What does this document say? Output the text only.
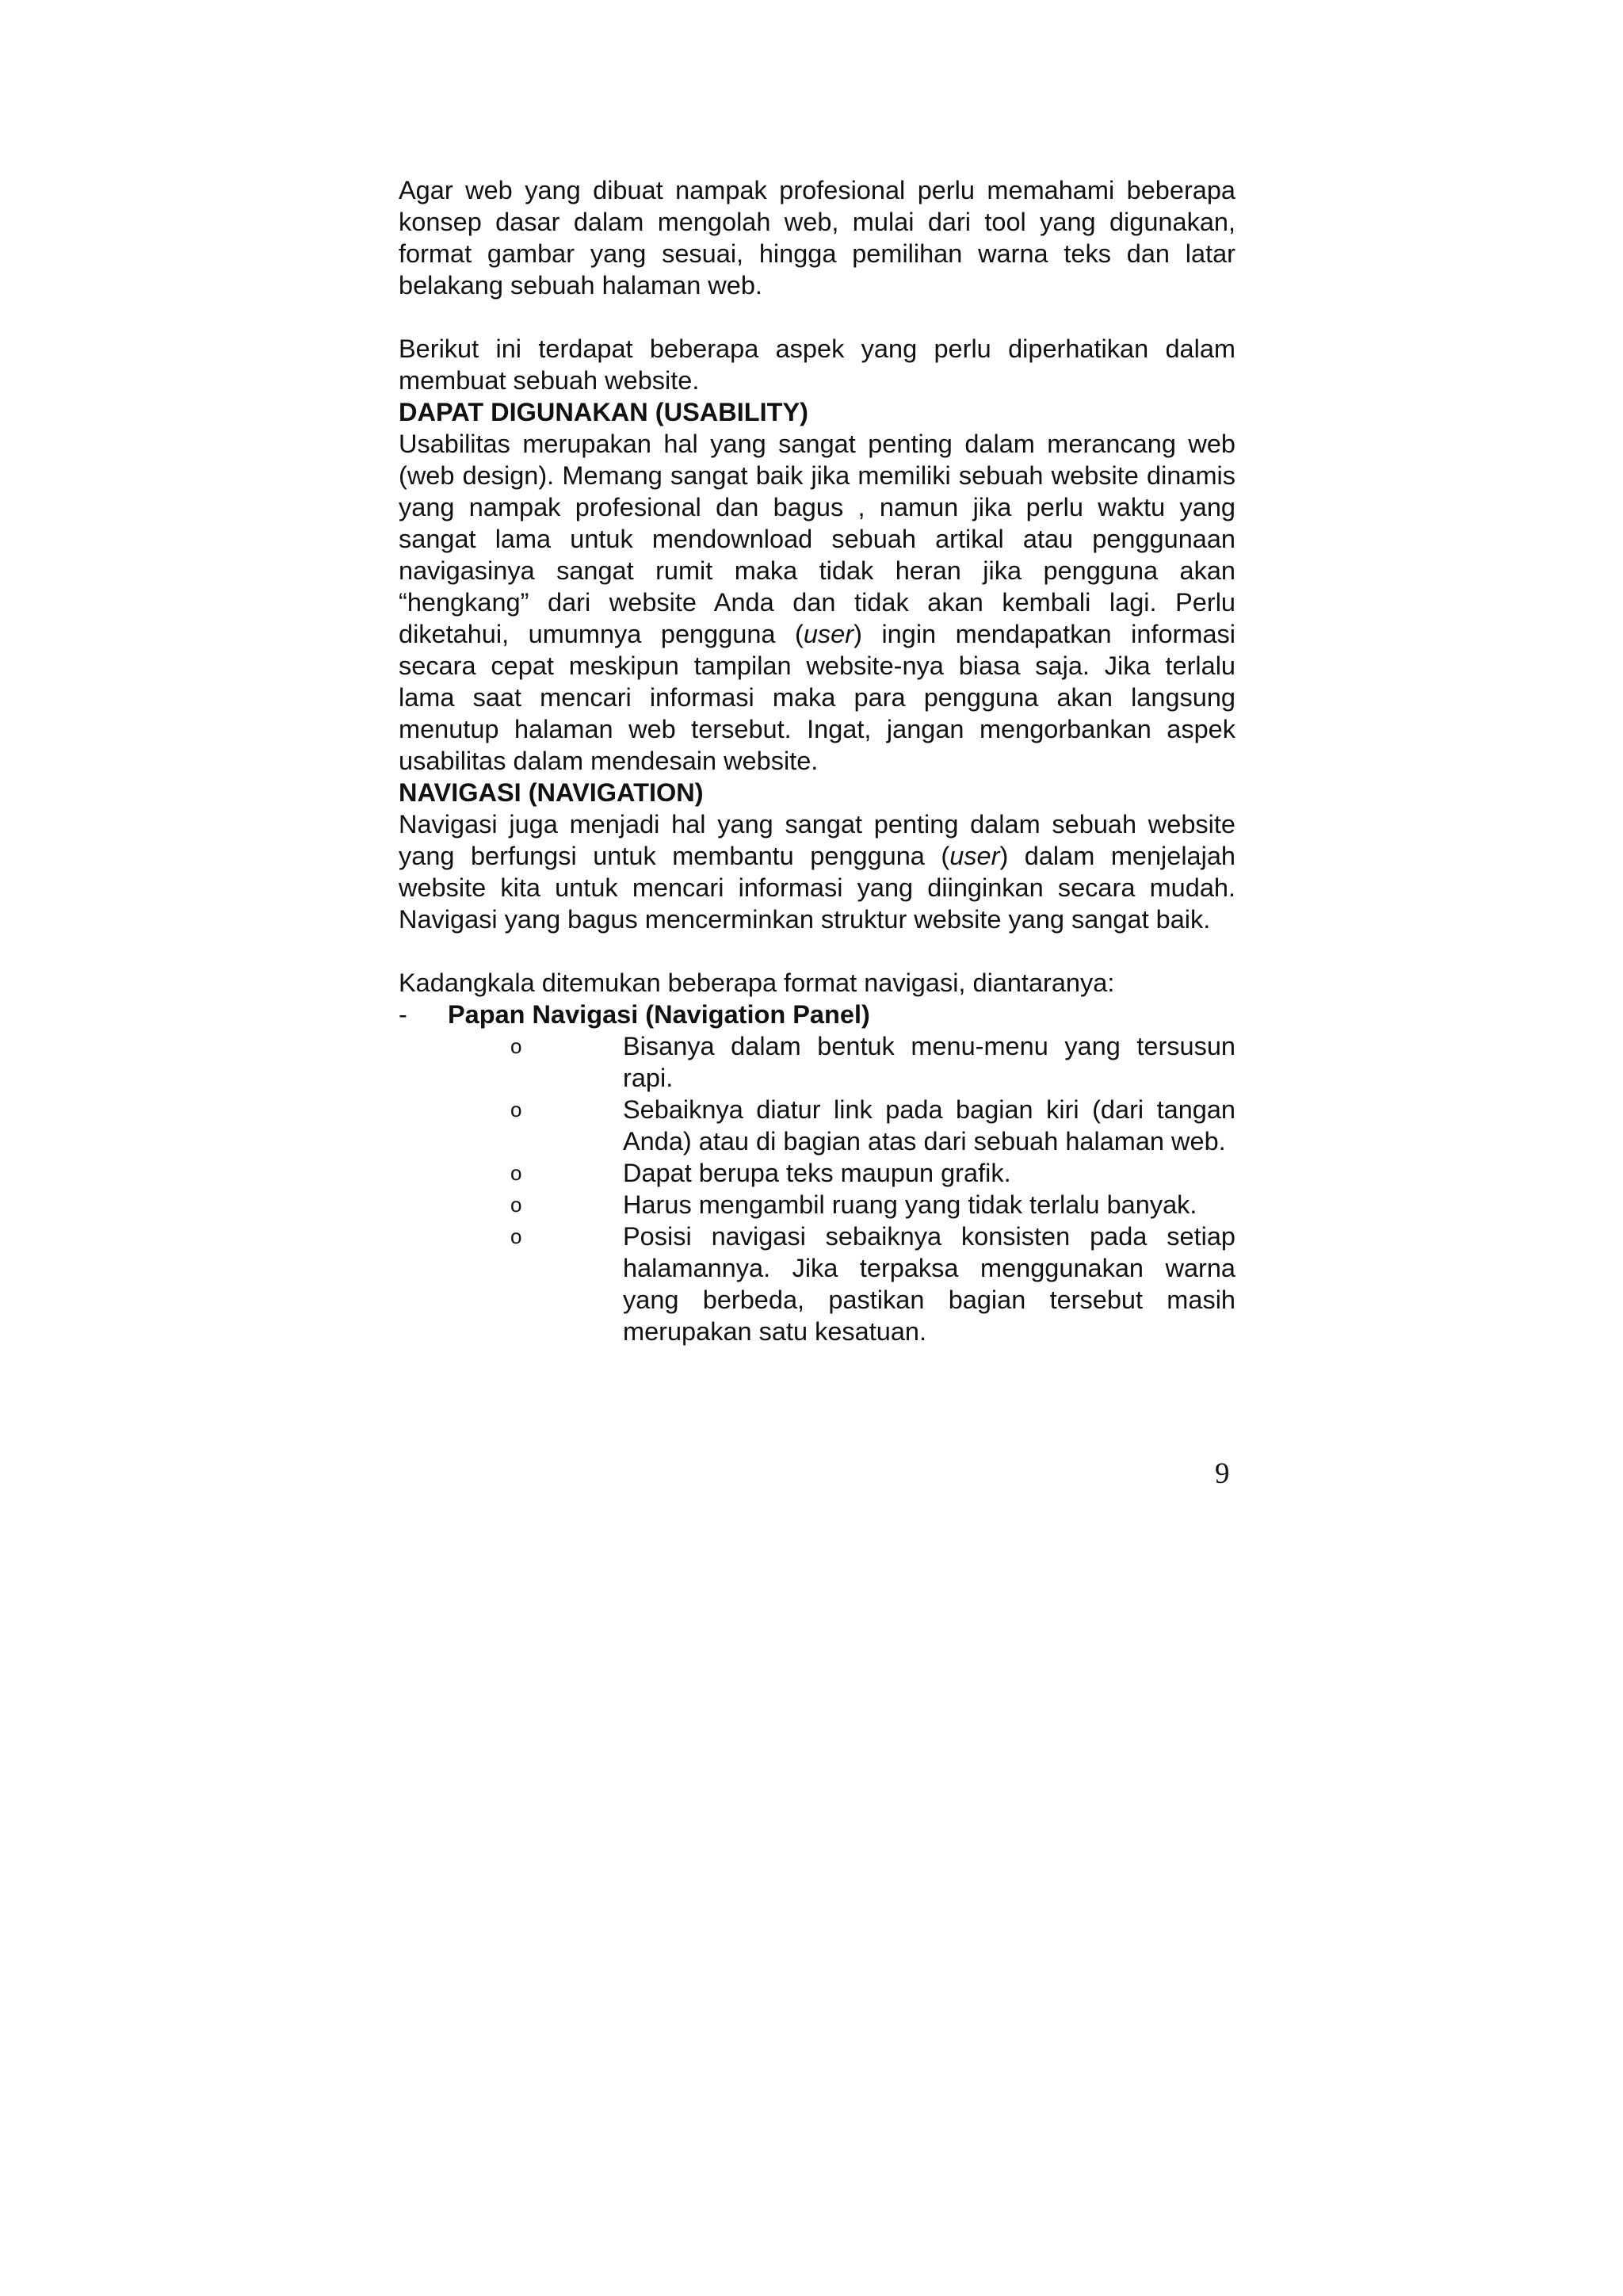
Agar web yang dibuat nampak profesional perlu memahami beberapa konsep dasar dalam mengolah web, mulai dari tool yang digunakan, format gambar yang sesuai, hingga pemilihan warna teks dan latar belakang sebuah halaman web.

Berikut ini terdapat beberapa aspek yang perlu diperhatikan dalam membuat sebuah website.

DAPAT DIGUNAKAN (USABILITY)

Usabilitas merupakan hal yang sangat penting dalam merancang web (web design). Memang sangat baik jika memiliki sebuah website dinamis yang nampak profesional dan bagus , namun jika perlu waktu yang sangat lama untuk mendownload sebuah artikal atau penggunaan navigasinya sangat rumit maka tidak heran jika pengguna akan “hengkang” dari website Anda dan tidak akan kembali lagi. Perlu diketahui, umumnya pengguna (user) ingin mendapatkan informasi secara cepat meskipun tampilan website-nya biasa saja. Jika terlalu lama saat mencari informasi maka para pengguna akan langsung menutup halaman web tersebut. Ingat, jangan mengorbankan aspek usabilitas dalam mendesain website.

NAVIGASI (NAVIGATION)

Navigasi juga menjadi hal yang sangat penting dalam sebuah website yang berfungsi untuk membantu pengguna (user) dalam menjelajah website kita untuk mencari informasi yang diinginkan secara mudah. Navigasi yang bagus mencerminkan struktur website yang sangat baik.

Kadangkala ditemukan beberapa format navigasi, diantaranya:

-	Papan Navigasi (Navigation Panel)
o	Bisanya dalam bentuk menu-menu yang tersusun rapi.
o	Sebaiknya diatur link pada bagian kiri (dari tangan Anda) atau di bagian atas dari sebuah halaman web.
o	Dapat berupa teks maupun grafik.
o	Harus mengambil ruang yang tidak terlalu banyak.
o	Posisi navigasi sebaiknya konsisten pada setiap halamannya. Jika terpaksa menggunakan warna yang berbeda, pastikan bagian tersebut masih merupakan satu kesatuan.
9
